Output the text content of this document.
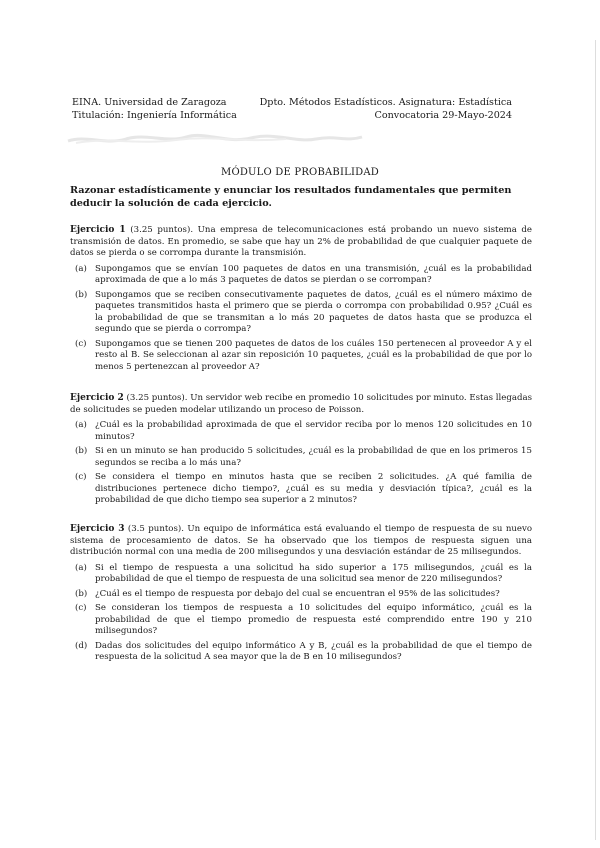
EINA. Universidad de Zaragoza
Titulación: Ingeniería Informática
Dpto. Métodos Estadísticos. Asignatura: Estadística
Convocatoria 29-Mayo-2024
MÓDULO DE PROBABILIDAD
Razonar estadísticamente y enunciar los resultados fundamentales que permiten deducir la solución de cada ejercicio.
Ejercicio 1 (3.25 puntos). Una empresa de telecomunicaciones está probando un nuevo sistema de transmisión de datos. En promedio, se sabe que hay un 2% de probabilidad de que cualquier paquete de datos se pierda o se corrompa durante la transmisión.
(a) Supongamos que se envían 100 paquetes de datos en una transmisión, ¿cuál es la probabilidad aproximada de que a lo más 3 paquetes de datos se pierdan o se corrompan?
(b) Supongamos que se reciben consecutivamente paquetes de datos, ¿cuál es el número máximo de paquetes transmitidos hasta el primero que se pierda o corrompa con probabilidad 0.95? ¿Cuál es la probabilidad de que se transmitan a lo más 20 paquetes de datos hasta que se produzca el segundo que se pierda o corrompa?
(c) Supongamos que se tienen 200 paquetes de datos de los cuáles 150 pertenecen al proveedor A y el resto al B. Se seleccionan al azar sin reposición 10 paquetes, ¿cuál es la probabilidad de que por lo menos 5 pertenezcan al proveedor A?
Ejercicio 2 (3.25 puntos). Un servidor web recibe en promedio 10 solicitudes por minuto. Estas llegadas de solicitudes se pueden modelar utilizando un proceso de Poisson.
(a) ¿Cuál es la probabilidad aproximada de que el servidor reciba por lo menos 120 solicitudes en 10 minutos?
(b) Si en un minuto se han producido 5 solicitudes, ¿cuál es la probabilidad de que en los primeros 15 segundos se reciba a lo más una?
(c) Se considera el tiempo en minutos hasta que se reciben 2 solicitudes. ¿A qué familia de distribuciones pertenece dicho tiempo?, ¿cuál es su media y desviación típica?, ¿cuál es la probabilidad de que dicho tiempo sea superior a 2 minutos?
Ejercicio 3 (3.5 puntos). Un equipo de informática está evaluando el tiempo de respuesta de su nuevo sistema de procesamiento de datos. Se ha observado que los tiempos de respuesta siguen una distribución normal con una media de 200 milisegundos y una desviación estándar de 25 milisegundos.
(a) Si el tiempo de respuesta a una solicitud ha sido superior a 175 milisegundos, ¿cuál es la probabilidad de que el tiempo de respuesta de una solicitud sea menor de 220 milisegundos?
(b) ¿Cuál es el tiempo de respuesta por debajo del cual se encuentran el 95% de las solicitudes?
(c) Se consideran los tiempos de respuesta a 10 solicitudes del equipo informático, ¿cuál es la probabilidad de que el tiempo promedio de respuesta esté comprendido entre 190 y 210 milisegundos?
(d) Dadas dos solicitudes del equipo informático A y B, ¿cuál es la probabilidad de que el tiempo de respuesta de la solicitud A sea mayor que la de B en 10 milisegundos?
